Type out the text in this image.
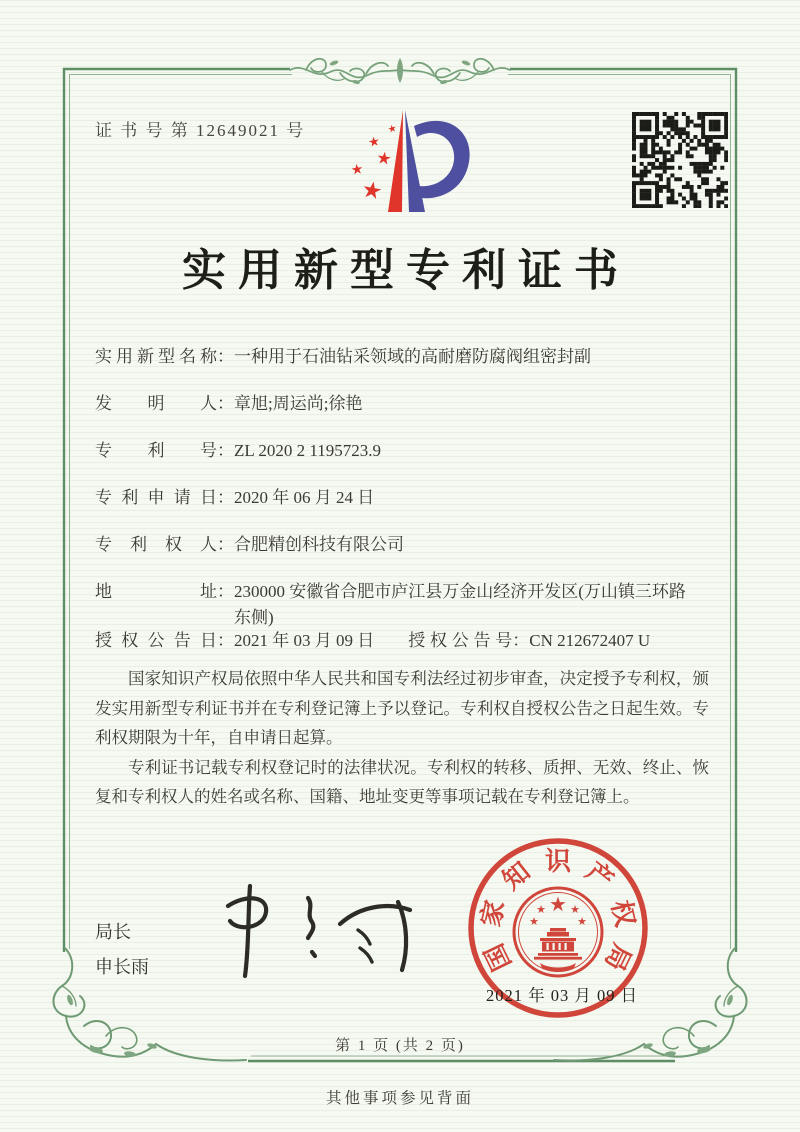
证 书 号 第 12649021 号	★
★
★
★
★
实用新型专利证书
实用新型名称 ： 一种用于石油钻采领域的高耐磨防腐阀组密封副
发明人 ： 章旭;周运尚;徐艳
专利号 ： ZL 2020 2 1195723.9
专利申请日 ： 2020 年 06 月 24 日
专利权人 ： 合肥精创科技有限公司
地址 ： 230000 安徽省合肥市庐江县万金山经济开发区(万山镇三环路东侧)
授权公告日 ： 2021 年 03 月 09 日 授权公告号 ： CN 212672407 U

国家知识产权局依照中华人民共和国专利法经过初步审查，决定授予专利权，颁发实用新型专利证书并在专利登记簿上予以登记。专利权自授权公告之日起生效。专利权期限为十年，自申请日起算。

专利证书记载专利权登记时的法律状况。专利权的转移、质押、无效、终止、恢复和专利权人的姓名或名称、国籍、地址变更等事项记载在专利登记簿上。

局长
申长雨	国
家
知 识 产
权
局
★
★ ★
★	★
2021 年 03 月 09 日
第 1 页 (共 2 页)
其他事项参见背面
